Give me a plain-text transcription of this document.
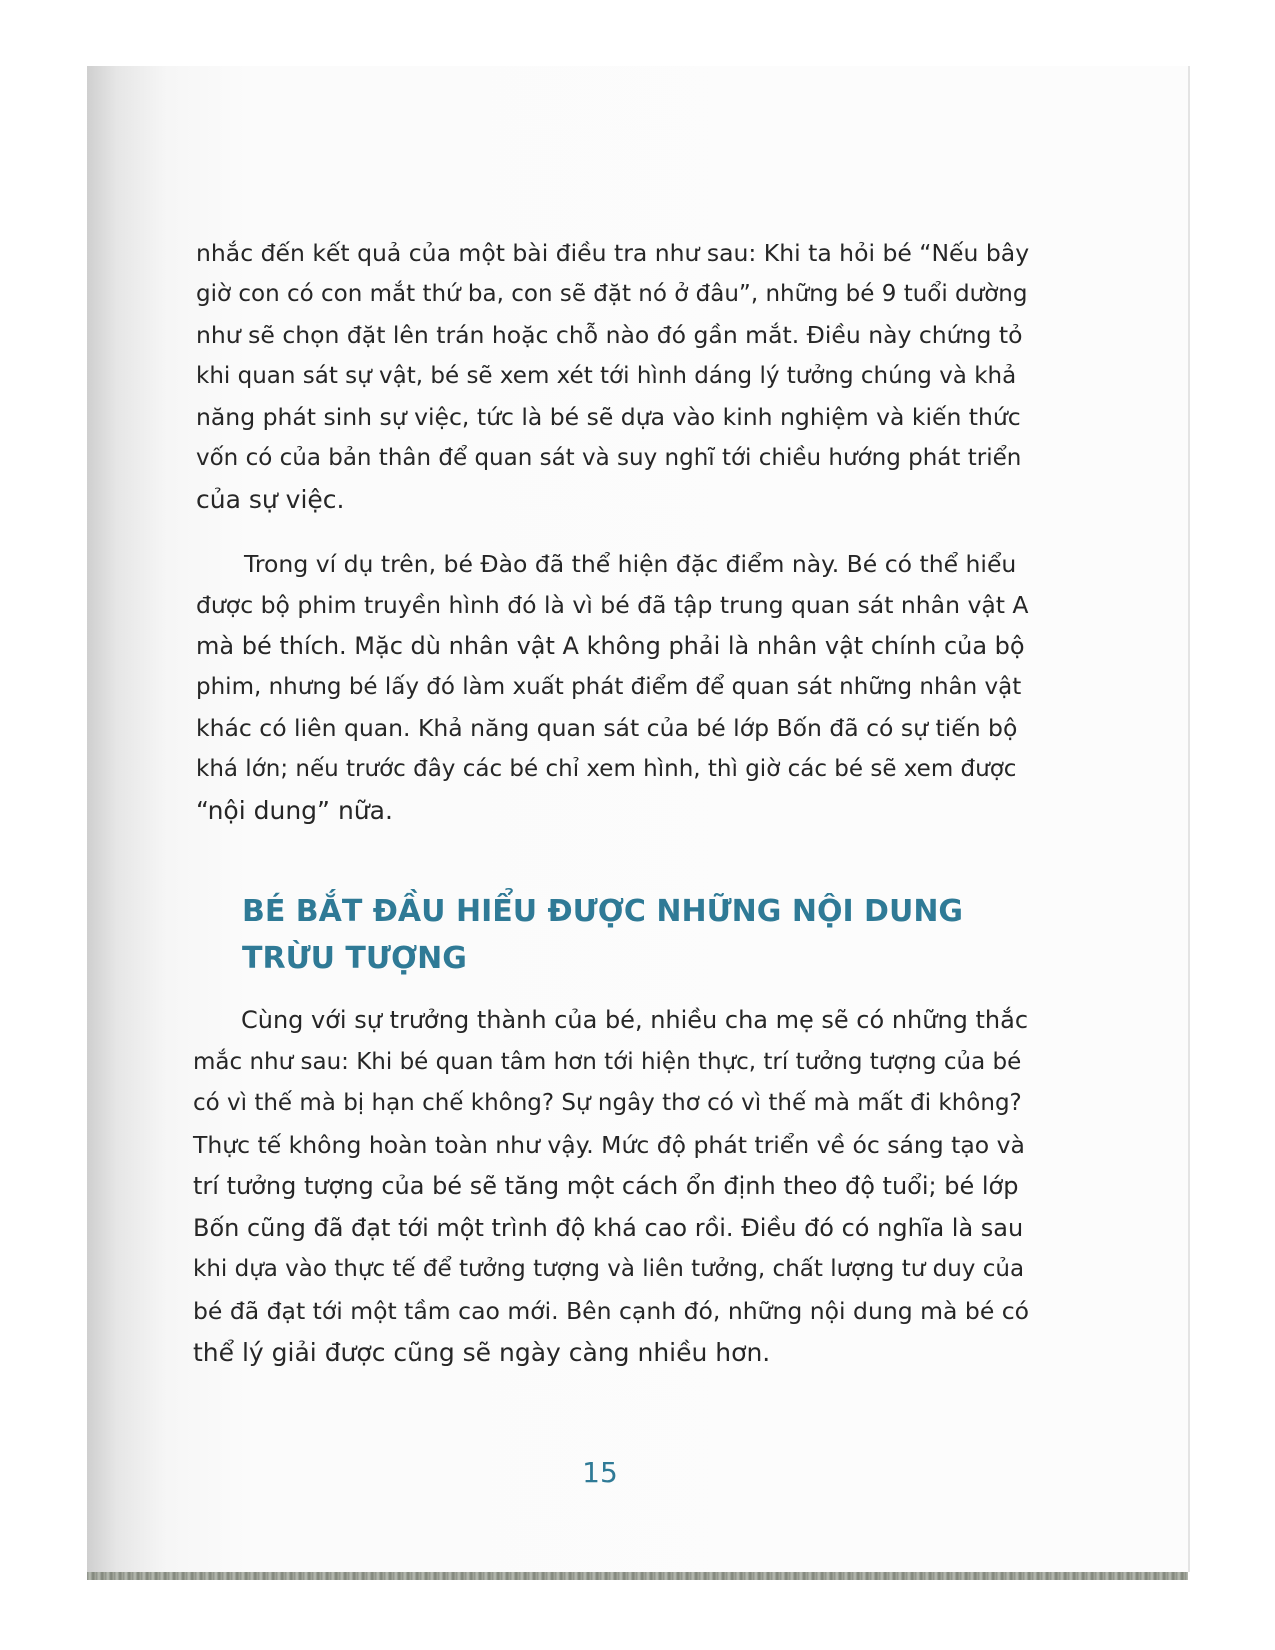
nhắc đến kết quả của một bài điều tra như sau: Khi ta hỏi bé “Nếu bây
giờ con có con mắt thứ ba, con sẽ đặt nó ở đâu”, những bé 9 tuổi dường
như sẽ chọn đặt lên trán hoặc chỗ nào đó gần mắt. Điều này chứng tỏ
khi quan sát sự vật, bé sẽ xem xét tới hình dáng lý tưởng chúng và khả
năng phát sinh sự việc, tức là bé sẽ dựa vào kinh nghiệm và kiến thức
vốn có của bản thân để quan sát và suy nghĩ tới chiều hướng phát triển
của sự việc.
Trong ví dụ trên, bé Đào đã thể hiện đặc điểm này. Bé có thể hiểu
được bộ phim truyền hình đó là vì bé đã tập trung quan sát nhân vật A
mà bé thích. Mặc dù nhân vật A không phải là nhân vật chính của bộ
phim, nhưng bé lấy đó làm xuất phát điểm để quan sát những nhân vật
khác có liên quan. Khả năng quan sát của bé lớp Bốn đã có sự tiến bộ
khá lớn; nếu trước đây các bé chỉ xem hình, thì giờ các bé sẽ xem được
“nội dung” nữa.
BÉ BẮT ĐẦU HIỂU ĐƯỢC NHỮNG NỘI DUNG
TRỪU TƯỢNG
Cùng với sự trưởng thành của bé, nhiều cha mẹ sẽ có những thắc
mắc như sau: Khi bé quan tâm hơn tới hiện thực, trí tưởng tượng của bé
có vì thế mà bị hạn chế không? Sự ngây thơ có vì thế mà mất đi không?
Thực tế không hoàn toàn như vậy. Mức độ phát triển về óc sáng tạo và
trí tưởng tượng của bé sẽ tăng một cách ổn định theo độ tuổi; bé lớp
Bốn cũng đã đạt tới một trình độ khá cao rồi. Điều đó có nghĩa là sau
khi dựa vào thực tế để tưởng tượng và liên tưởng, chất lượng tư duy của
bé đã đạt tới một tầm cao mới. Bên cạnh đó, những nội dung mà bé có
thể lý giải được cũng sẽ ngày càng nhiều hơn.
15
